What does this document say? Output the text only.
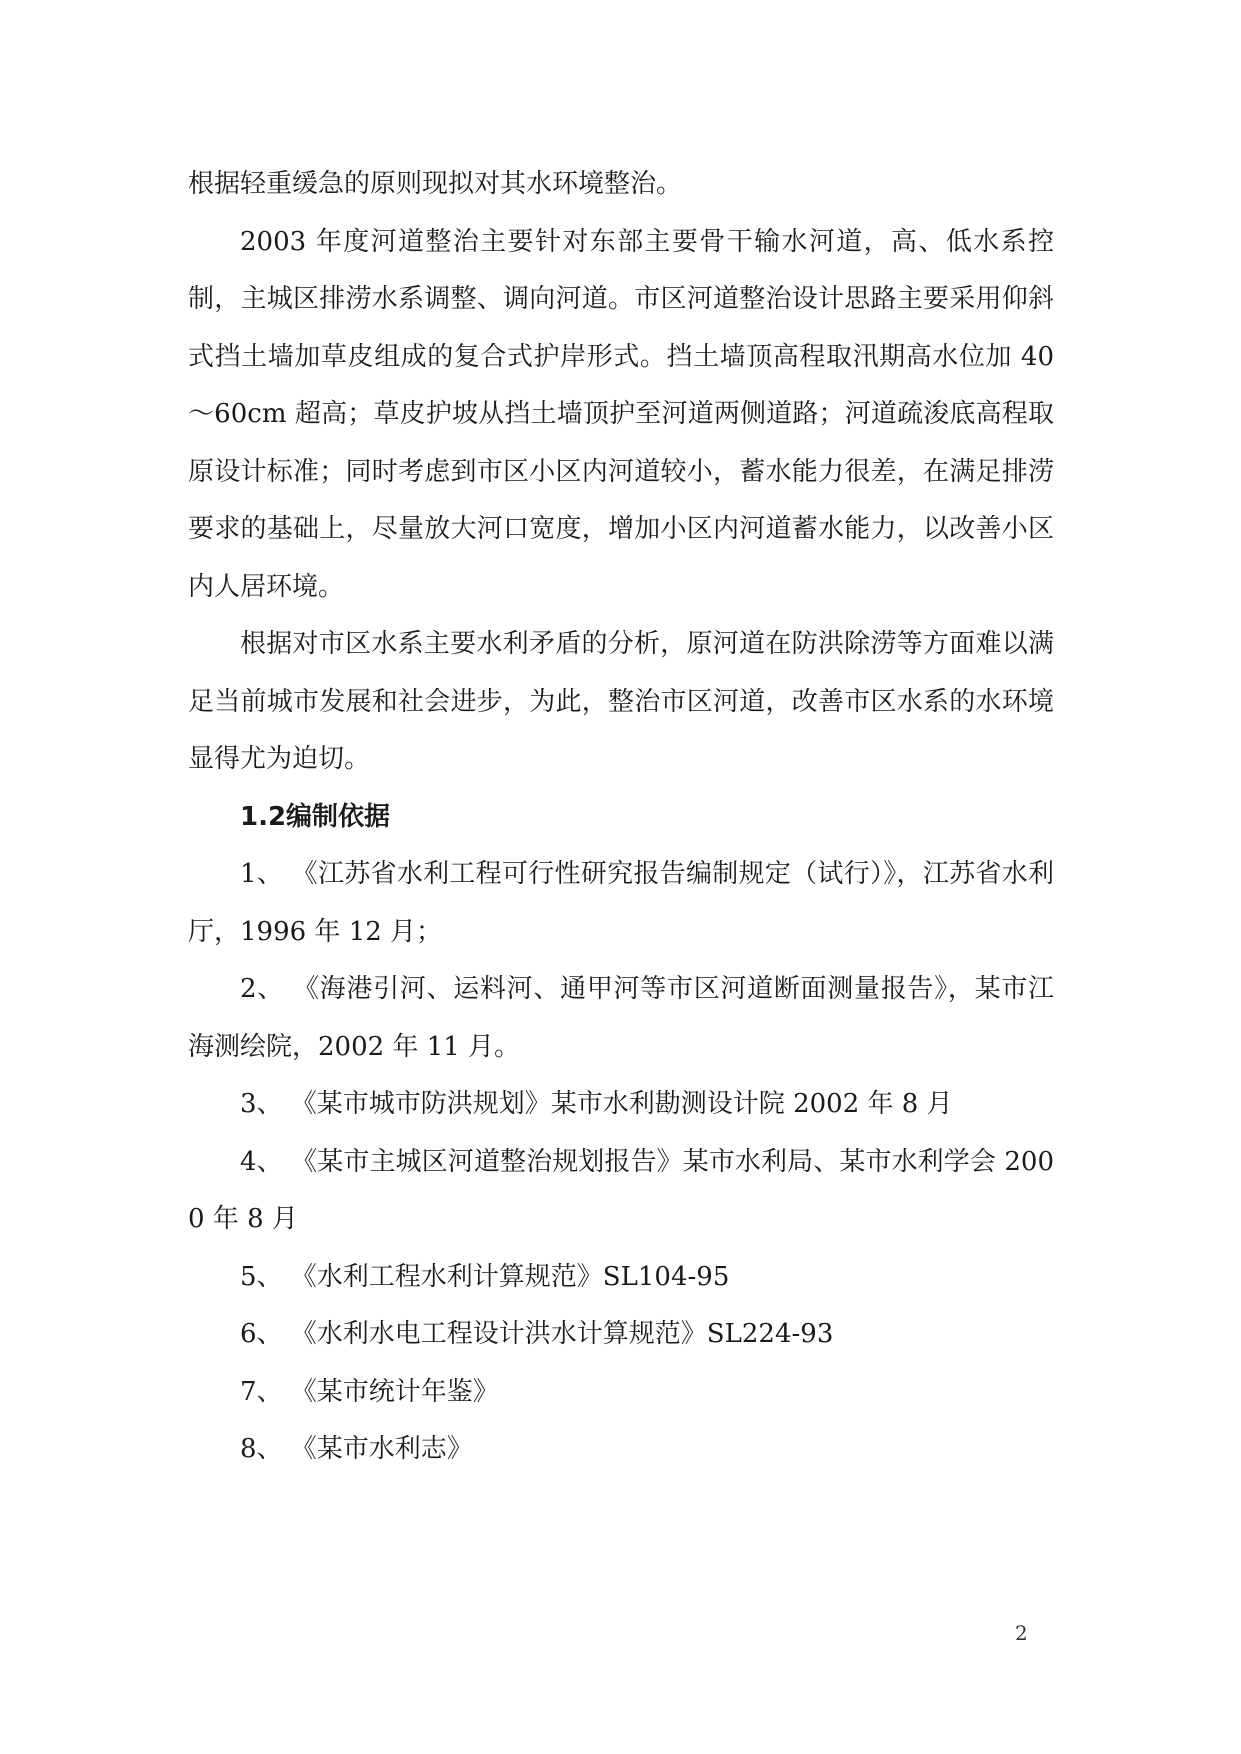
根据轻重缓急的原则现拟对其水环境整治。

2003 年度河道整治主要针对东部主要骨干输水河道，高、低水系控制，主城区排涝水系调整、调向河道。市区河道整治设计思路主要采用仰斜式挡土墙加草皮组成的复合式护岸形式。挡土墙顶高程取汛期高水位加 40～60cm 超高；草皮护坡从挡土墙顶护至河道两侧道路；河道疏浚底高程取原设计标准；同时考虑到市区小区内河道较小，蓄水能力很差，在满足排涝要求的基础上，尽量放大河口宽度，增加小区内河道蓄水能力，以改善小区内人居环境。

根据对市区水系主要水利矛盾的分析，原河道在防洪除涝等方面难以满足当前城市发展和社会进步，为此，整治市区河道，改善市区水系的水环境显得尤为迫切。

1.2编制依据

1、 《江苏省水利工程可行性研究报告编制规定（试行）》，江苏省水利厅，1996 年 12 月；

2、 《海港引河、运料河、通甲河等市区河道断面测量报告》，某市江海测绘院，2002 年 11 月。

3、 《某市城市防洪规划》某市水利勘测设计院 2002 年 8 月

4、 《某市主城区河道整治规划报告》某市水利局、某市水利学会 2000 年 8 月

5、 《水利工程水利计算规范》SL104-95

6、 《水利水电工程设计洪水计算规范》SL224-93

7、 《某市统计年鉴》

8、 《某市水利志》

2
